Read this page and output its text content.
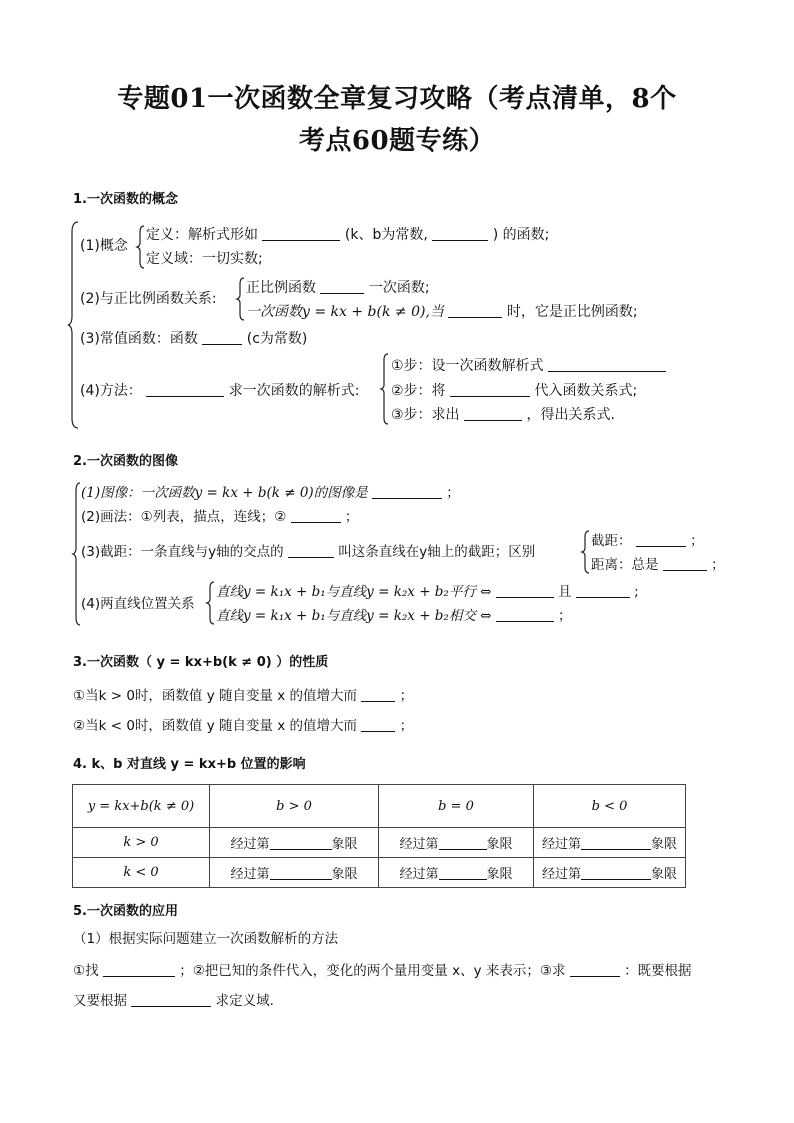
专题01一次函数全章复习攻略（考点清单，8个
考点60题专练）
1.一次函数的概念
(1)概念
定义：解析式形如	(k、b为常数,	) 的函数;
定义域：一切实数;
(2)与正比例函数关系:
正比例函数	一次函数;
一次函数y = kx + b(k ≠ 0),当	时，它是正比例函数;
(3)常值函数：函数	(c为常数)
(4)方法：	求一次函数的解析式:
①步：设一次函数解析式
②步：将	代入函数关系式;
③步：求出	，得出关系式.
2.一次函数的图像
(1)图像：一次函数y = kx + b(k ≠ 0)的图像是	；
(2)画法：①列表，描点，连线；②	；
(3)截距：一条直线与y轴的交点的	叫这条直线在y轴上的截距；区别
截距：	；
距离：总是	；
(4)两直线位置关系
直线y = k₁x + b₁与直线y = k₂x + b₂平行 ⇔	且	;
直线y = k₁x + b₁与直线y = k₂x + b₂相交 ⇔	；
3.一次函数（ y = kx+b(k ≠ 0) ）的性质
①当k > 0时，函数值 y 随自变量 x 的值增大而	；
②当k < 0时，函数值 y 随自变量 x 的值增大而	；
4. k、b 对直线 y = kx+b 位置的影响
y = kx+b(k ≠ 0)	b > 0	b = 0	b < 0
k > 0	经过第 象限	经过第 象限	经过第 象限
k < 0	经过第 象限	经过第 象限	经过第 象限
5.一次函数的应用
（1）根据实际问题建立一次函数解析的方法
①找	；②把已知的条件代入，变化的两个量用变量 x、y 来表示；③求	：既要根据
又要根据	求定义域.
